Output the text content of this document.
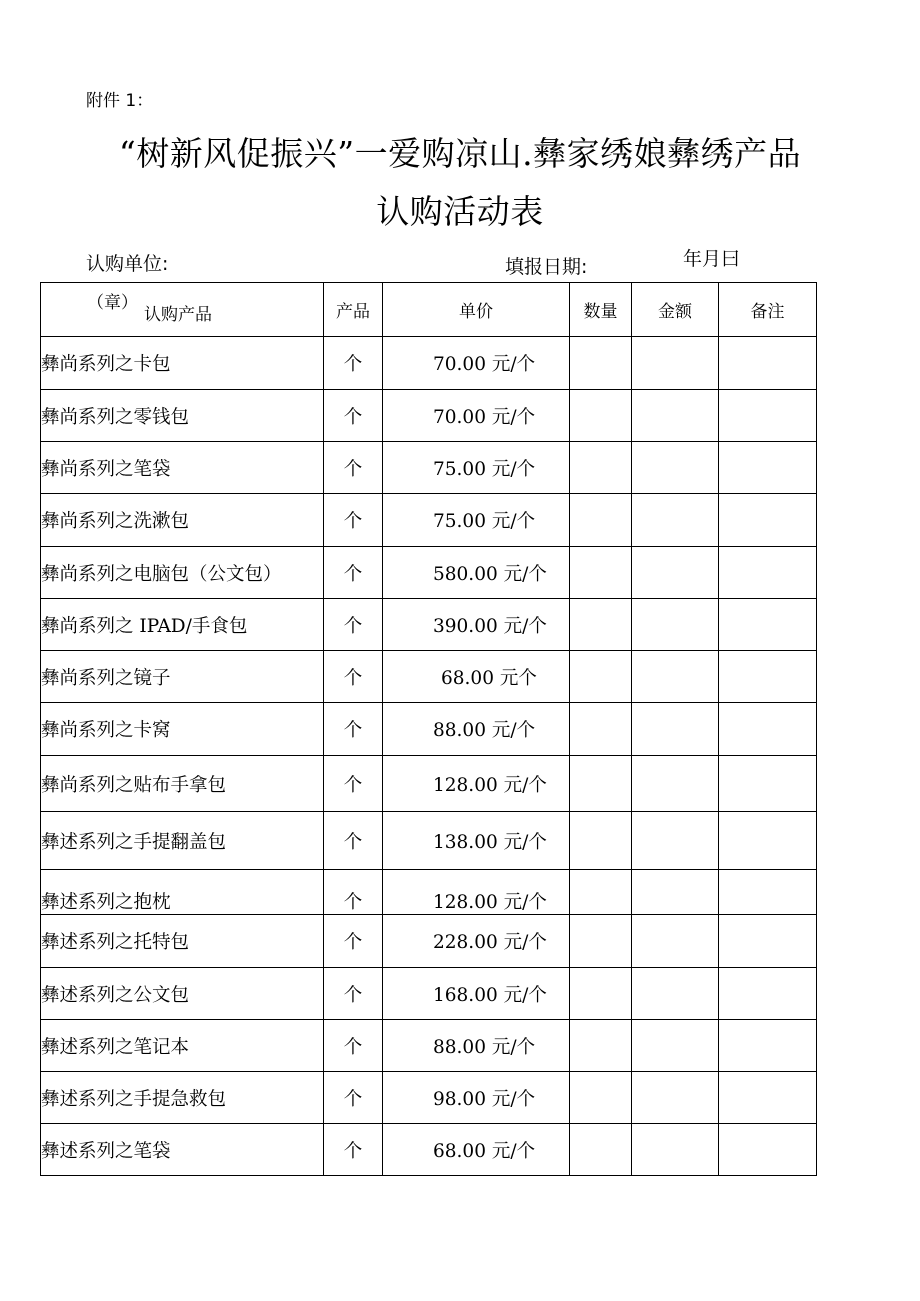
附件 1：
“树新风促振兴”一爱购凉山.彝家绣娘彝绣产品
认购活动表
认购单位:	填报日期:	年月曰
（章）
认购产品	产品	单价	数量	金额	备注
彝尚系列之卡包	个	70.00 元/个			
彝尚系列之零钱包	个	70.00 元/个			
彝尚系列之笔袋	个	75.00 元/个			
彝尚系列之洗漱包	个	75.00 元/个			
彝尚系列之电脑包（公文包）	个	580.00 元/个			
彝尚系列之 IPAD/手食包	个	390.00 元/个			
彝尚系列之镜子	个	68.00 元个			
彝尚系列之卡窝	个	88.00 元/个			
彝尚系列之贴布手拿包	个	128.00 元/个			
彝述系列之手提翻盖包	个	138.00 元/个			
彝述系列之抱枕	个	128.00 元/个			
彝述系列之托特包	个	228.00 元/个			
彝述系列之公文包	个	168.00 元/个			
彝述系列之笔记本	个	88.00 元/个			
彝述系列之手提急救包	个	98.00 元/个			
彝述系列之笔袋	个	68.00 元/个			
